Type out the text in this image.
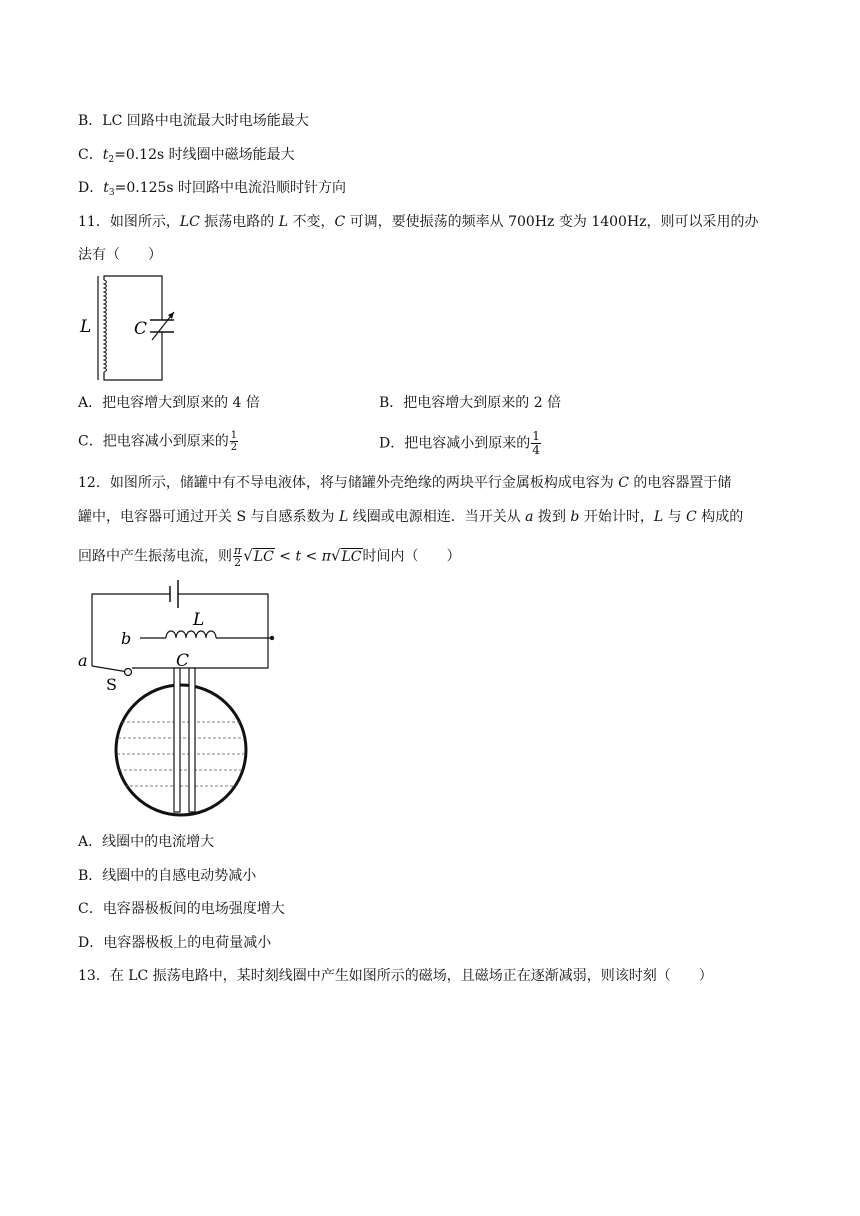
B．LC 回路中电流最大时电场能最大
C．$t_2=0.12s$ 时线圈中磁场能最大
D．$t_3=0.125s$ 时回路中电流沿顺时针方向
11．如图所示，LC 振荡电路的 L 不变，C 可调，要使振荡的频率从 700Hz 变为 1400Hz，则可以采用的办
法有（　　）
L	C
A．把电容增大到原来的 4 倍	B．把电容增大到原来的 2 倍
C．把电容减小到原来的 $\frac{1}{2}$	D．把电容减小到原来的 $\frac{1}{4}$
12．如图所示，储罐中有不导电液体，将与储罐外壳绝缘的两块平行金属板构成电容为 C 的电容器置于储
罐中，电容器可通过开关 S 与自感系数为 L 线圈或电源相连．当开关从 a 拨到 b 开始计时，L 与 C 构成的
回路中产生振荡电流，则 $\frac{\pi}{2} √LC < t < \pi√LC$时间内（　　）
L
C
b
a
S
A．线圈中的电流增大
B．线圈中的自感电动势减小
C．电容器极板间的电场强度增大
D．电容器极板上的电荷量减小
13．在 LC 振荡电路中，某时刻线圈中产生如图所示的磁场，且磁场正在逐渐减弱，则该时刻（　　）
